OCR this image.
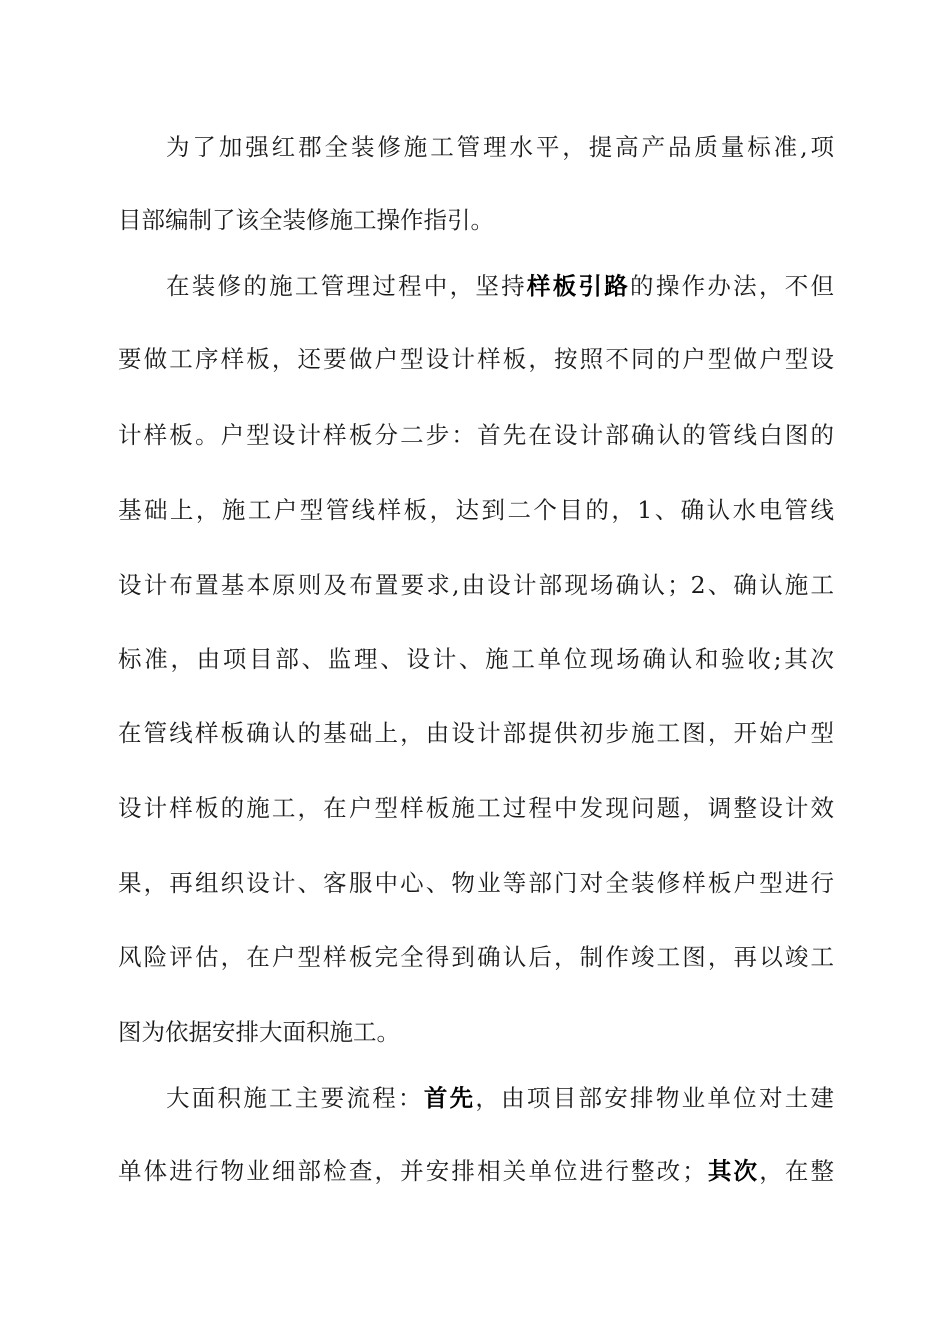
为了加强红郡全装修施工管理水平，提高产品质量标准,项
目部编制了该全装修施工操作指引。
在装修的施工管理过程中，坚持样板引路的操作办法，不但
要做工序样板，还要做户型设计样板，按照不同的户型做户型设
计样板。户型设计样板分二步：首先在设计部确认的管线白图的
基础上，施工户型管线样板，达到二个目的，1、确认水电管线
设计布置基本原则及布置要求,由设计部现场确认；2、确认施工
标准，由项目部、监理、设计、施工单位现场确认和验收;其次
在管线样板确认的基础上，由设计部提供初步施工图，开始户型
设计样板的施工，在户型样板施工过程中发现问题，调整设计效
果，再组织设计、客服中心、物业等部门对全装修样板户型进行
风险评估，在户型样板完全得到确认后，制作竣工图，再以竣工
图为依据安排大面积施工。
大面积施工主要流程：首先，由项目部安排物业单位对土建
单体进行物业细部检查，并安排相关单位进行整改；其次，在整
